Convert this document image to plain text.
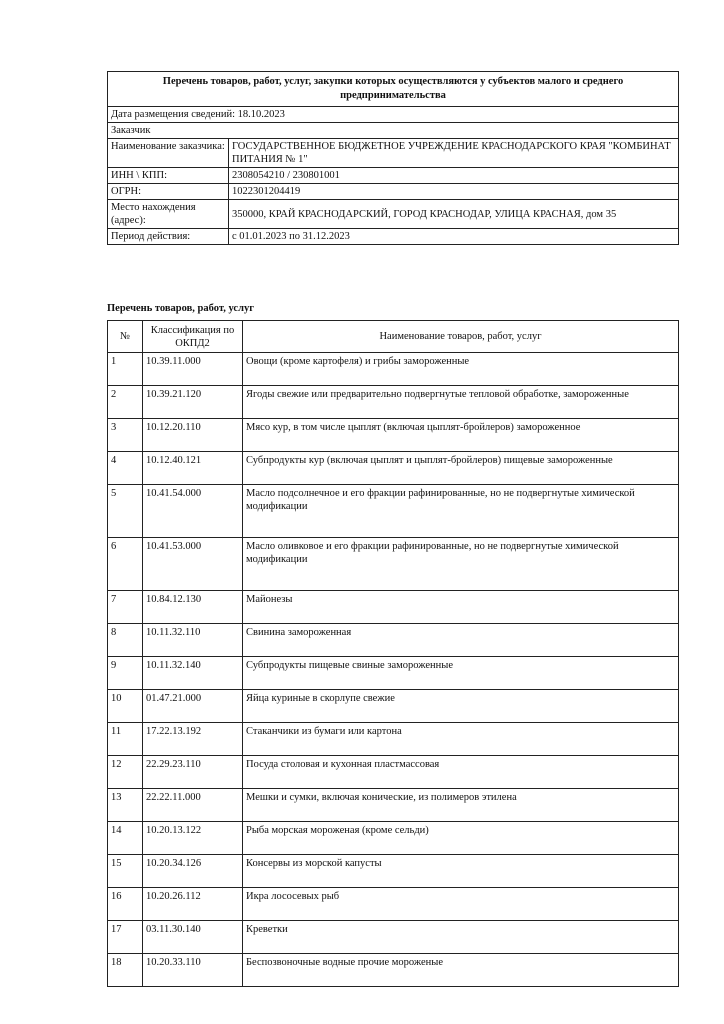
Перечень товаров, работ, услуг, закупки которых осуществляются у субъектов малого и среднего предпринимательства	
Дата размещения сведений: 18.10.2023	
Заказчик	
Наименование заказчика:	ГОСУДАРСТВЕННОЕ БЮДЖЕТНОЕ УЧРЕЖДЕНИЕ КРАСНОДАРСКОГО КРАЯ "КОМБИНАТ ПИТАНИЯ № 1"
ИНН \ КПП:	2308054210 / 230801001
ОГРН:	1022301204419
Место нахождения (адрес):	350000, КРАЙ КРАСНОДАРСКИЙ, ГОРОД КРАСНОДАР, УЛИЦА КРАСНАЯ, дом 35
Период действия:	с 01.01.2023 по 31.12.2023
Перечень товаров, работ, услуг
№	Классификация по ОКПД2	Наименование товаров, работ, услуг
1	10.39.11.000	Овощи (кроме картофеля) и грибы замороженные
2	10.39.21.120	Ягоды свежие или предварительно подвергнутые тепловой обработке, замороженные
3	10.12.20.110	Мясо кур, в том числе цыплят (включая цыплят-бройлеров) замороженное
4	10.12.40.121	Субпродукты кур (включая цыплят и цыплят-бройлеров) пищевые замороженные
5	10.41.54.000	Масло подсолнечное и его фракции рафинированные, но не подвергнутые химической модификации
6	10.41.53.000	Масло оливковое и его фракции рафинированные, но не подвергнутые химической модификации
7	10.84.12.130	Майонезы
8	10.11.32.110	Свинина замороженная
9	10.11.32.140	Субпродукты пищевые свиные замороженные
10	01.47.21.000	Яйца куриные в скорлупе свежие
11	17.22.13.192	Стаканчики из бумаги или картона
12	22.29.23.110	Посуда столовая и кухонная пластмассовая
13	22.22.11.000	Мешки и сумки, включая конические, из полимеров этилена
14	10.20.13.122	Рыба морская мороженая (кроме сельди)
15	10.20.34.126	Консервы из морской капусты
16	10.20.26.112	Икра лососевых рыб
17	03.11.30.140	Креветки
18	10.20.33.110	Беспозвоночные водные прочие мороженые
